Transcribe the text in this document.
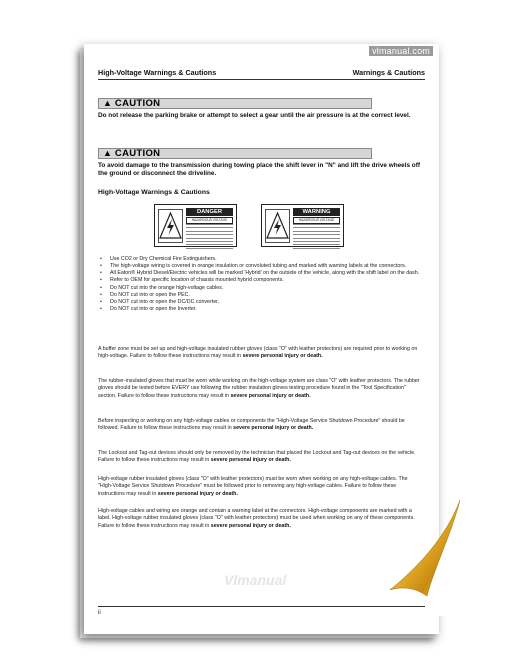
vlmanual.com
High-Voltage Warnings & Cautions	Warnings & Cautions
▲ CAUTION
Do not release the parking brake or attempt to select a gear until the air pressure is at the correct level.
▲ CAUTION
To avoid damage to the transmission during towing place the shift lever in "N" and lift the drive wheels off the ground or disconnect the driveline.
High-Voltage Warnings & Cautions
DANGER
HAZARDOUS VOLTAGE
WARNING
HAZARDOUS VOLTAGE
• Use CO2 or Dry Chemical Fire Extinguishers.
• The high-voltage wiring is covered in orange insulation or convoluted tubing and marked with warning labels at the connectors.
• All Eaton® Hybrid Diesel/Electric vehicles will be marked 'Hybrid' on the outside of the vehicle, along with the shift label on the dash.
• Refer to OEM for specific location of chassis mounted hybrid components.
• Do NOT cut into the orange high-voltage cables.
• Do NOT cut into or open the PEC.
• Do NOT cut into or open the DC/DC converter.
• Do NOT cut into or open the Inverter.

A buffer zone must be set up and high-voltage insulated rubber gloves (class "O" with leather protectors) are required prior to working on high-voltage. Failure to follow these instructions may result in severe personal injury or death.

The rubber-insulated gloves that must be worn while working on the high-voltage system are class "O" with leather protectors. The rubber gloves should be tested before EVERY use following the rubber insulation gloves testing procedure found in the "Tool Specification" section. Failure to follow these instructions may result in severe personal injury or death.

Before inspecting or working on any high-voltage cables or components the "High-Voltage Service Shutdown Procedure" should be followed. Failure to follow these instructions may result in severe personal injury or death.

The Lockout and Tag-out devices should only be removed by the technician that placed the Lockout and Tag-out devices on the vehicle. Failure to follow these instructions may result in severe personal injury or death.

High-voltage rubber insulated gloves (class "O" with leather protectors) must be worn when working on any high-voltage cables. The "High-Voltage Service Shutdown Procedure" must be followed prior to removing any high-voltage cables. Failure to follow these instructions may result in severe personal injury or death.

High-voltage cables and wiring are orange and contain a warning label at the connectors. High-voltage components are marked with a label. High-voltage rubber insulated gloves (class "O" with leather protectors) must be used when working on any of these components. Failure to follow these instructions may result in severe personal injury or death.

Vlmanual
ii
